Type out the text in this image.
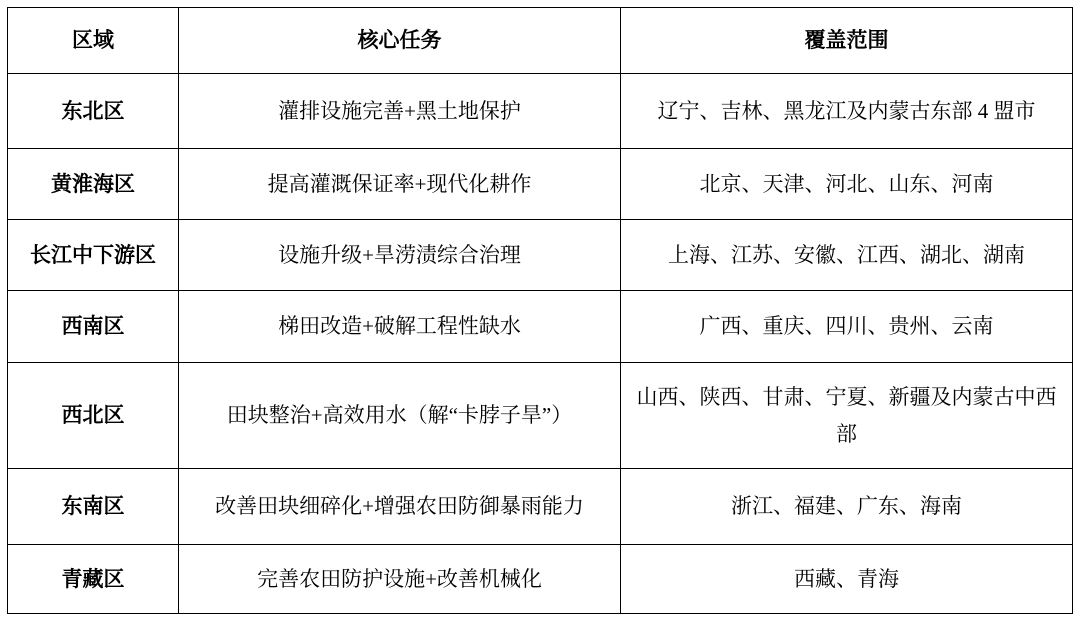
区域	核心任务	覆盖范围
东北区	灌排设施完善+黑土地保护	辽宁、吉林、黑龙江及内蒙古东部 4 盟市
黄淮海区	提高灌溉保证率+现代化耕作	北京、天津、河北、山东、河南
长江中下游区	设施升级+旱涝渍综合治理	上海、江苏、安徽、江西、湖北、湖南
西南区	梯田改造+破解工程性缺水	广西、重庆、四川、贵州、云南
西北区	田块整治+高效用水（解“卡脖子旱”）	山西、陕西、甘肃、宁夏、新疆及内蒙古中西部
东南区	改善田块细碎化+增强农田防御暴雨能力	浙江、福建、广东、海南
青藏区	完善农田防护设施+改善机械化	西藏、青海
